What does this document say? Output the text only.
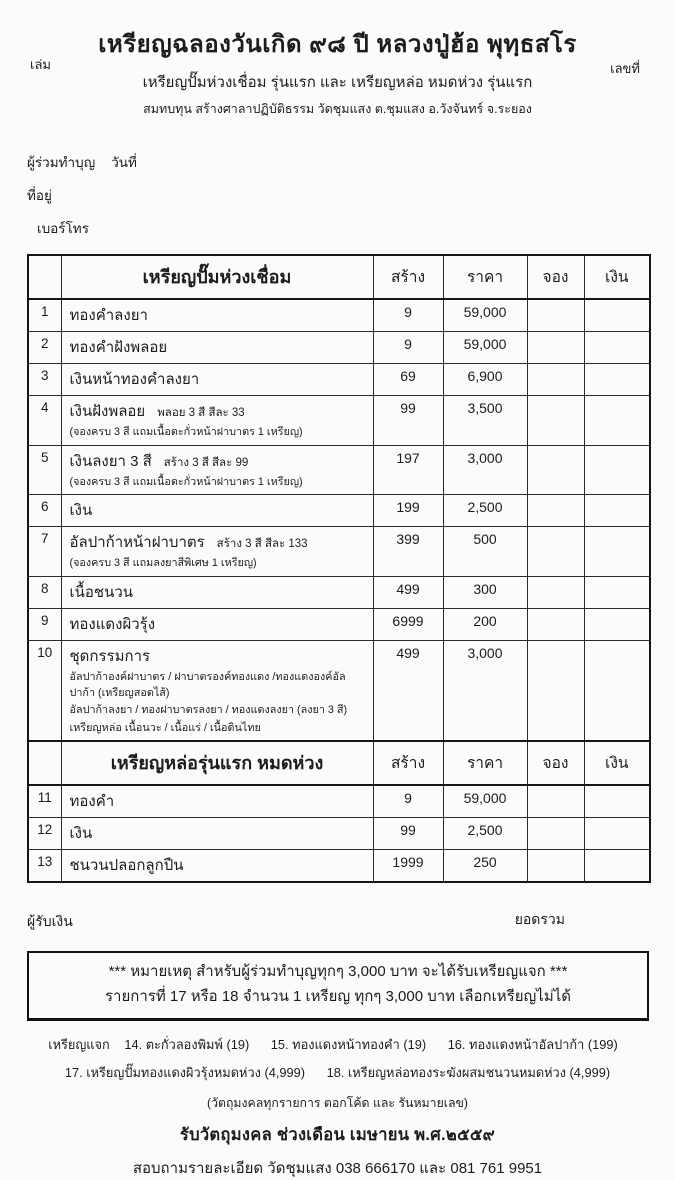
เล่ม	เลขที่
เหรียญฉลองวันเกิด ๙๘ ปี หลวงปู่ฮ้อ พุทฺธสโร
เหรียญปั๊มห่วงเชื่อม รุ่นแรก และ เหรียญหล่อ หมดห่วง รุ่นแรก
สมทบทุน สร้างศาลาปฏิบัติธรรม วัดชุมแสง ต.ชุมแสง อ.วังจันทร์ จ.ระยอง
ผู้ร่วมทำบุญ	วันที่
ที่อยู่
เบอร์โทร
	เหรียญปั๊มห่วงเชื่อม	สร้าง	ราคา	จอง	เงิน
1	ทองคำลงยา	9	59,000		
2	ทองคำฝังพลอย	9	59,000		
3	เงินหน้าทองคำลงยา	69	6,900		
4	เงินฝังพลอย พลอย 3 สี สีละ 33
(จองครบ 3 สี แถมเนื้อตะกั่วหน้าฝาบาตร 1 เหรียญ)	99	3,500		
5	เงินลงยา 3 สี สร้าง 3 สี สีละ 99
(จองครบ 3 สี แถมเนื้อตะกั่วหน้าฝาบาตร 1 เหรียญ)	197	3,000		
6	เงิน	199	2,500		
7	อัลปาก้าหน้าฝาบาตร สร้าง 3 สี สีละ 133
(จองครบ 3 สี แถมลงยาสีพิเศษ 1 เหรียญ)	399	500		
8	เนื้อชนวน	499	300		
9	ทองแดงผิวรุ้ง	6999	200		
10	ชุดกรรมการ
อัลปาก้าองค์ฝาบาตร / ฝาบาตรองค์ทองแดง /ทองแดงองค์อัลปาก้า (เหรียญสอดไส้)
อัลปาก้าลงยา / ทองฝาบาตรลงยา / ทองแดงลงยา (ลงยา 3 สี)
เหรียญหล่อ เนื้อนวะ / เนื้อแร่ / เนื้อดินไทย	499	3,000		
	เหรียญหล่อรุ่นแรก หมดห่วง	สร้าง	ราคา	จอง	เงิน
11	ทองคำ	9	59,000		
12	เงิน	99	2,500		
13	ชนวนปลอกลูกปืน	1999	250		
ยอดรวม
ผู้รับเงิน
*** หมายเหตุ สำหรับผู้ร่วมทำบุญทุกๆ 3,000 บาท จะได้รับเหรียญแจก ***
รายการที่ 17 หรือ 18 จำนวน 1 เหรียญ ทุกๆ 3,000 บาท เลือกเหรียญไม่ได้
เหรียญแจก 14. ตะกั่วลองพิมพ์ (19) 15. ทองแดงหน้าทองคำ (19) 16. ทองแดงหน้าอัลปาก้า (199)
17. เหรียญปั๊มทองแดงผิวรุ้งหมดห่วง (4,999) 18. เหรียญหล่อทองระฆังผสมชนวนหมดห่วง (4,999)
(วัตถุมงคลทุกรายการ ตอกโค้ด และ รันหมายเลข)
รับวัตถุมงคล ช่วงเดือน เมษายน พ.ศ.๒๕๕๙
สอบถามรายละเอียด วัดชุมแสง 038 666170 และ 081 761 9951
